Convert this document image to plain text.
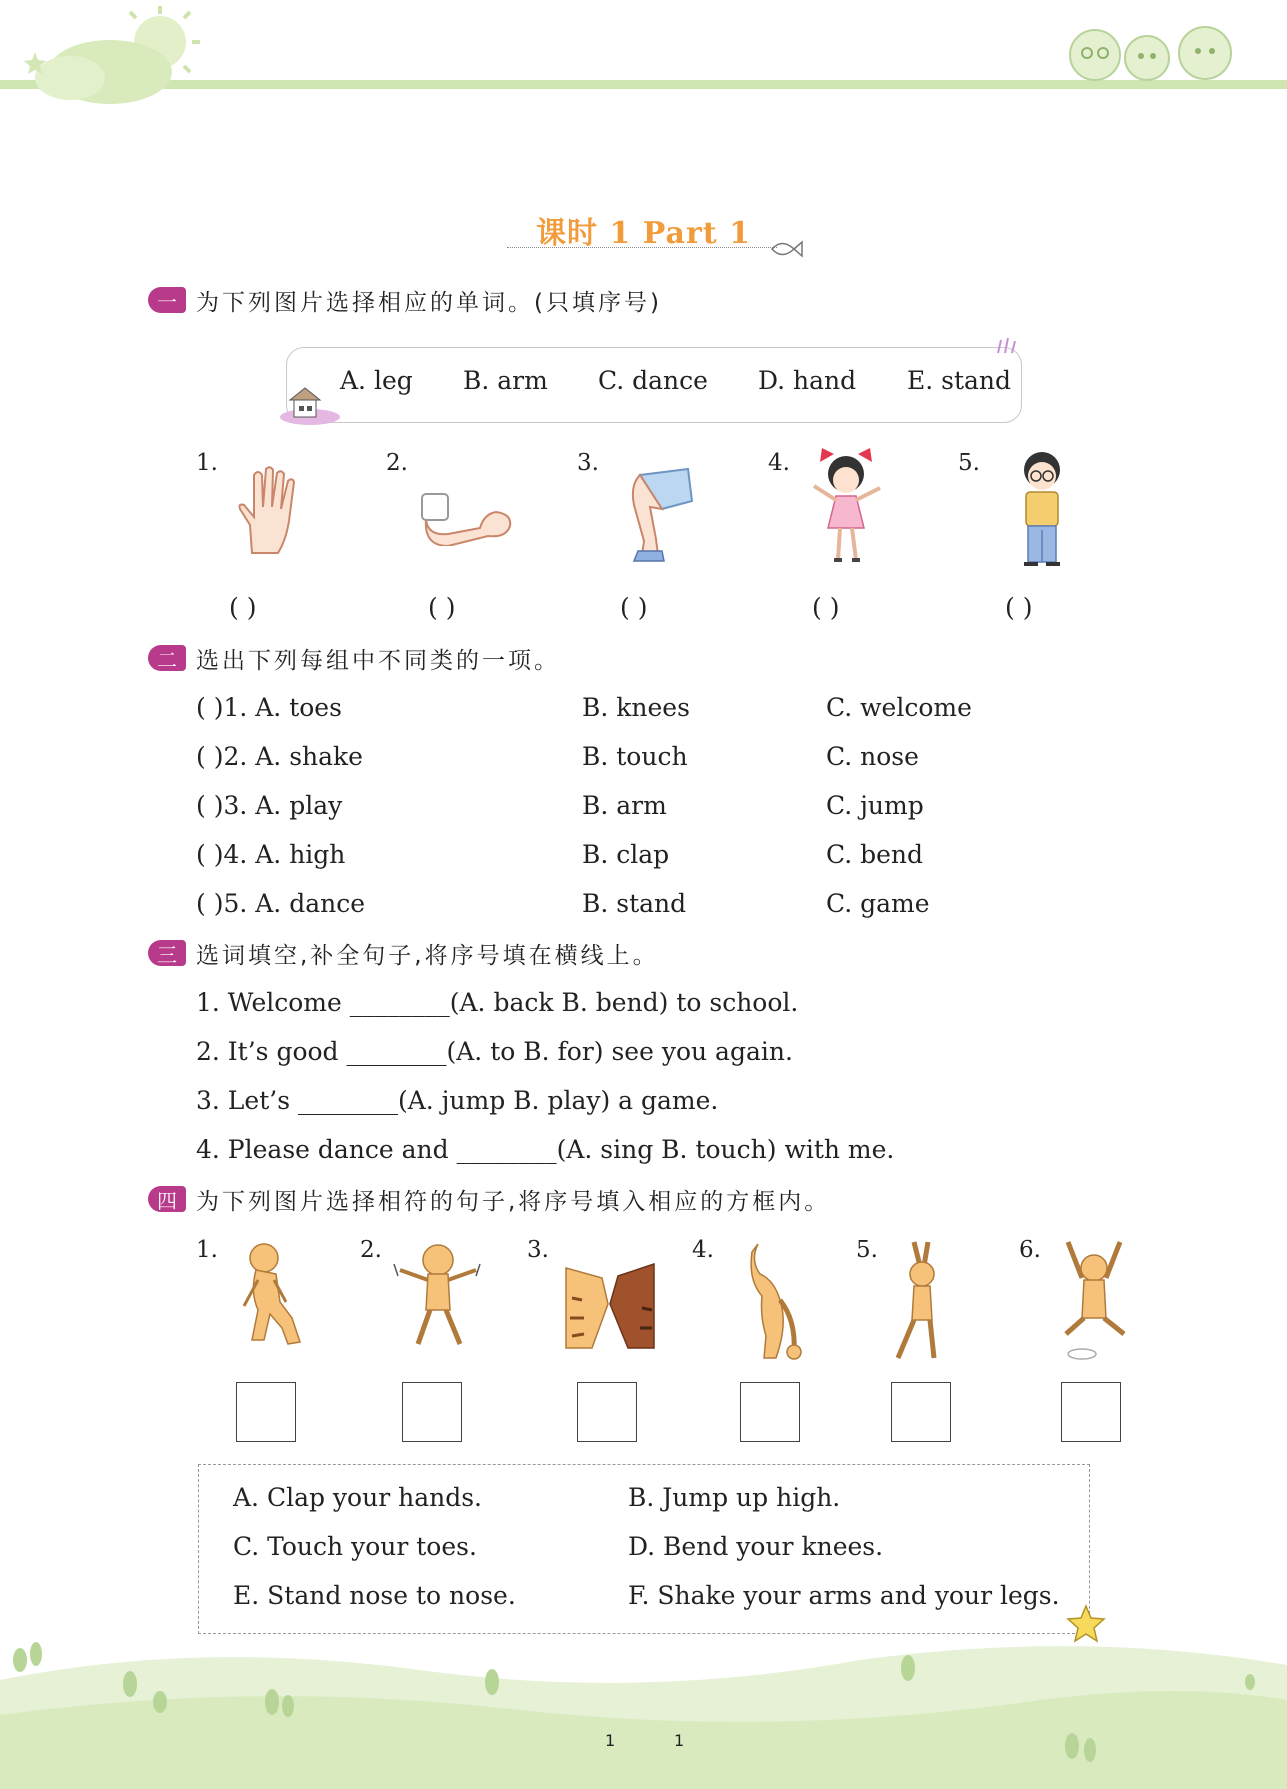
课时 1 Part 1
一 为下列图片选择相应的单词。(只填序号)
A. leg B. arm C. dance D. hand E. stand
1.	2.	3.	4.	5.
( )	( )	( )	( )	( )
二 选出下列每组中不同类的一项。
( )1. A. toes	B. knees	C. welcome
( )2. A. shake	B. touch	C. nose
( )3. A. play	B. arm	C. jump
( )4. A. high	B. clap	C. bend
( )5. A. dance	B. stand	C. game
三 选词填空,补全句子,将序号填在横线上。
1. Welcome ________(A. back B. bend) to school.
2. It’s good ________(A. to B. for) see you again.
3. Let’s ________(A. jump B. play) a game.
4. Please dance and ________(A. sing B. touch) with me.
四 为下列图片选择相符的句子,将序号填入相应的方框内。
1.	2.	3.	4.	5.	6.
A. Clap your hands.	B. Jump up high.
C. Touch your toes.	D. Bend your knees.
E. Stand nose to nose.	F. Shake your arms and your legs.
1	1
